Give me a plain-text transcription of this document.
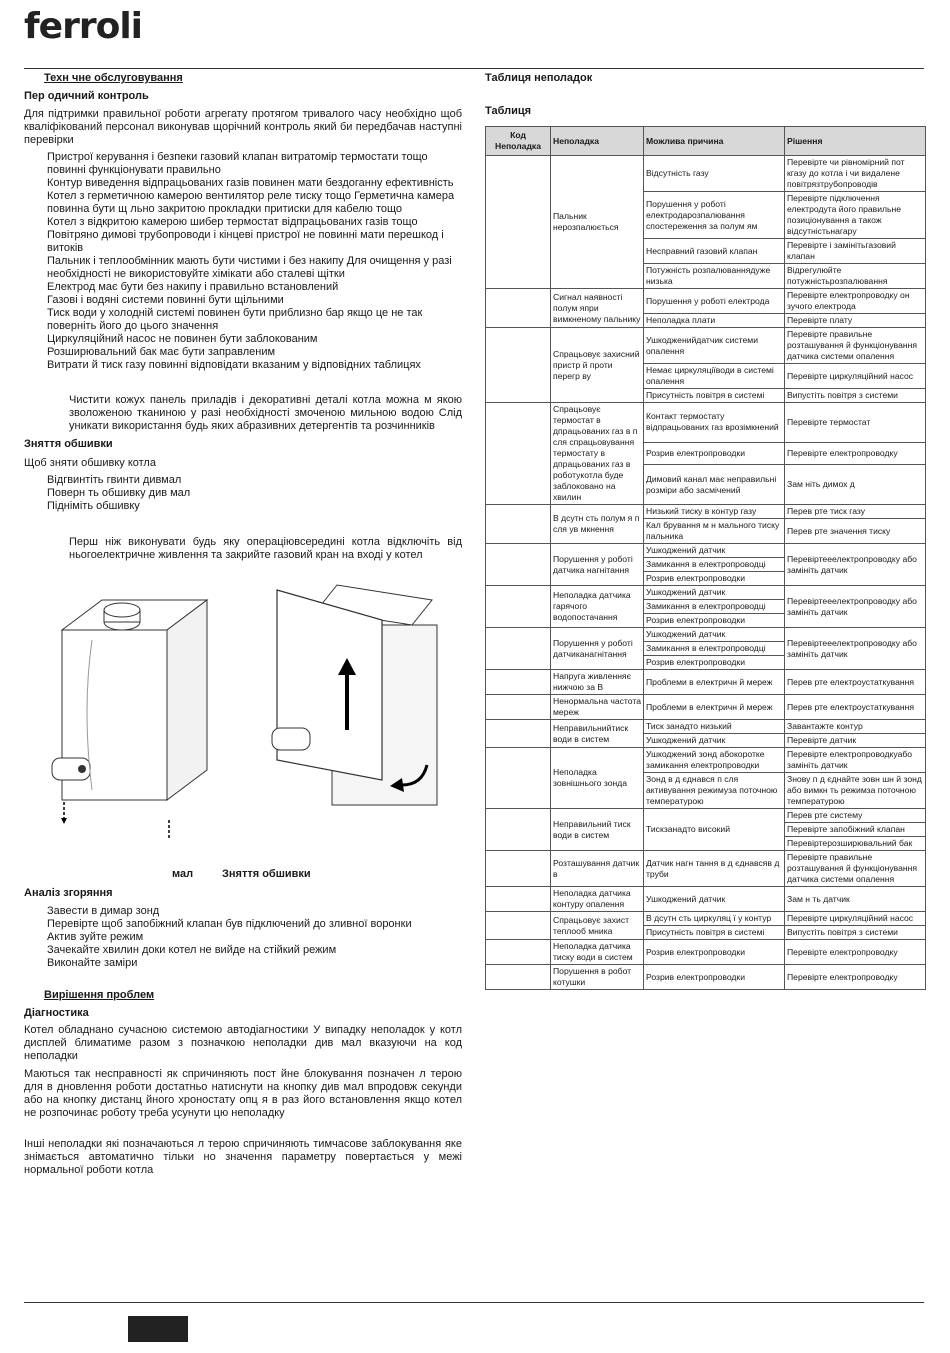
ferroli
Техн чне обслуговування
Пер одичний контроль
Для підтримки правильної роботи агрегату протягом тривалого часу необхідно щоб кваліфікований персонал виконував щорічний контроль який би передбачав наступні перевірки
Пристрої керування і безпеки газовий клапан витратомір термостати тощо повинні функціонувати правильно
Контур виведення відпрацьованих газів повинен мати бездоганну ефективність
Котел з герметичною камерою вентилятор реле тиску тощо Герметична камера повинна бути щ льно закритою прокладки притиски для кабелю тощо
Котел з відкритою камерою шибер термостат відпрацьованих газів тощо
Повітряно димові трубопроводи і кінцеві пристрої не повинні мати перешкод і витоків
Пальник і теплообмінник мають бути чистими і без накипу Для очищення у разі необхідності не використовуйте хімікати або сталеві щітки
Електрод має бути без накипу і правильно встановлений
Газові і водяні системи повинні бути щільними
Тиск води у холодній системі повинен бути приблизно бар якщо це не так поверніть його до цього значення
Циркуляційний насос не повинен бути заблокованим
Розширювальний бак має бути заправленим
Витрати й тиск газу повинні відповідати вказаним у відповідних таблицях
Чистити кожух панель приладів і декоративні деталі котла можна м якою зволоженою тканиною у разі необхідності змоченою мильною водою Слід уникати використання будь яких абразивних детергентів та розчинників
Зняття обшивки
Щоб зняти обшивку котла
Відгвинтіть гвинти дивмал
Поверн ть обшивку див мал
Підніміть обшивку
Перш ніж виконувати будь яку операціювсередині котла відключіть від ньогоелектричне живлення та закрийте газовий кран на вході у котел
мал	Зняття обшивки
Аналіз згоряння
Завести в димар зонд
Перевірте щоб запобіжний клапан був підключений до зливної воронки
Актив зуйте режим
Зачекайте хвилин доки котел не вийде на стійкий режим
Виконайте заміри
Вирішення проблем
Діагностика
Котел обладнано сучасною системою автодіагностики У випадку неполадок у котл дисплей блиматиме разом з позначкою неполадки див мал вказуючи на код неполадки
Маються так несправності як спричиняють пост йне блокування позначен л терою для в дновлення роботи достатньо натиснути на кнопку див мал впродовж секунди або на кнопку дистанц йного хроностату опц я в раз його встановлення якщо котел не розпочинає роботу треба усунути цю неполадку
Інші неполадки які позначаються л терою спричиняють тимчасове заблокування яке знімається автоматично тільки но значення параметру повертається у межі нормальної роботи котла
Таблиця неполадок
Таблиця
Код Неполадка	Неполадка	Можлива причина	Рішення
	Пальник нерозпалюється	Відсутність газу	Перевірте чи рівномірний пот кгазу до котла і чи видалене повітрязтрубопроводів
		Порушення у роботі електродарозпалювання спостереження за полум ям	Перевірте підключення електродута його правильне позиціонування а також відсутністьнагару
		Несправний газовий клапан	Перевірте і замінітьгазовий клапан
		Потужність розпалюваннядуже низька	Відрегулюйте потужністьрозпалювання
	Сигнал наявності полум япри вимкненому пальнику	Порушення у роботі електрода	Перевірте електропроводку он зучого електрода
		Неполадка плати	Перевірте плату
	Спрацьовує захисний пристр й проти перегр ву	Ушкодженийдатчик системи опалення	Перевірте правильне розташування й функціонування датчика системи опалення
		Немає циркуляціїводи в системі опалення	Перевірте циркуляційний насос
		Присутність повітря в системі	Випустіть повітря з системи
	Спрацьовує термостат в дпрацьованих газ в п сля спрацьовування термостату в дпрацьованих газ в роботукотла буде заблоковано на хвилин	Контакт термостату відпрацьованих газ врозімкнений	Перевірте термостат
		Розрив електропроводки	Перевірте електропроводку
		Димовий канал має неправильні розміри або засмічений	Зам ніть димох д
	В дсутн сть полум я п сля ув мкнення	Низький тиску в контур газу	Перев рте тиск газу
		Кал брування м н мального тиску пальника	Перев рте значення тиску
	Порушення у роботі датчика нагнітання	Ушкоджений датчик	Перевіртееелектропроводку або замініть датчик
		Замикання в електропроводці	
		Розрив електропроводки	
	Неполадка датчика гарячого водопостачання	Ушкоджений датчик	Перевіртееелектропроводку або замініть датчик
		Замикання в електропроводці	
		Розрив електропроводки	
	Порушення у роботі датчиканагнітання	Ушкоджений датчик	Перевіртееелектропроводку або замініть датчик
		Замикання в електропроводці	
		Розрив електропроводки	
	Напруга живленняє нижчою за В	Проблеми в електричн й мереж	Перев рте електроустаткування
	Ненормальна частота мереж	Проблеми в електричн й мереж	Перев рте електроустаткування
	Неправильнийтиск води в систем	Тиск занадто низький	Завантажте контур
		Ушкоджений датчик	Перевірте датчик
	Неполадка зовнішнього зонда	Ушкоджений зонд абокоротке замикання електропроводки	Перевірте електропроводкуабо замініть датчик
		Зонд в д єднався п сля активування режимуза поточною температурою	Знову п д єднайте зовн шн й зонд або вимкн ть режимза поточною температурою
	Неправильний тиск води в систем	Тискзанадто високий	Перев рте систему
			Перевірте запобіжний клапан
			Перевіртерозширювальний бак
	Розташування датчик в	Датчик нагн тання в д єднавсяв д труби	Перевірте правильне розташування й функціонування датчика системи опалення
	Неполадка датчика контуру опалення	Ушкоджений датчик	Зам н ть датчик
	Спрацьовує захист теплооб мника	В дсутн сть циркуляц ї у контур	Перевірте циркуляційний насос
		Присутність повітря в системі	Випустіть повітря з системи
	Неполадка датчика тиску води в систем	Розрив електропроводки	Перевірте електропроводку
	Порушення в робот котушки	Розрив електропроводки	Перевірте електропроводку
